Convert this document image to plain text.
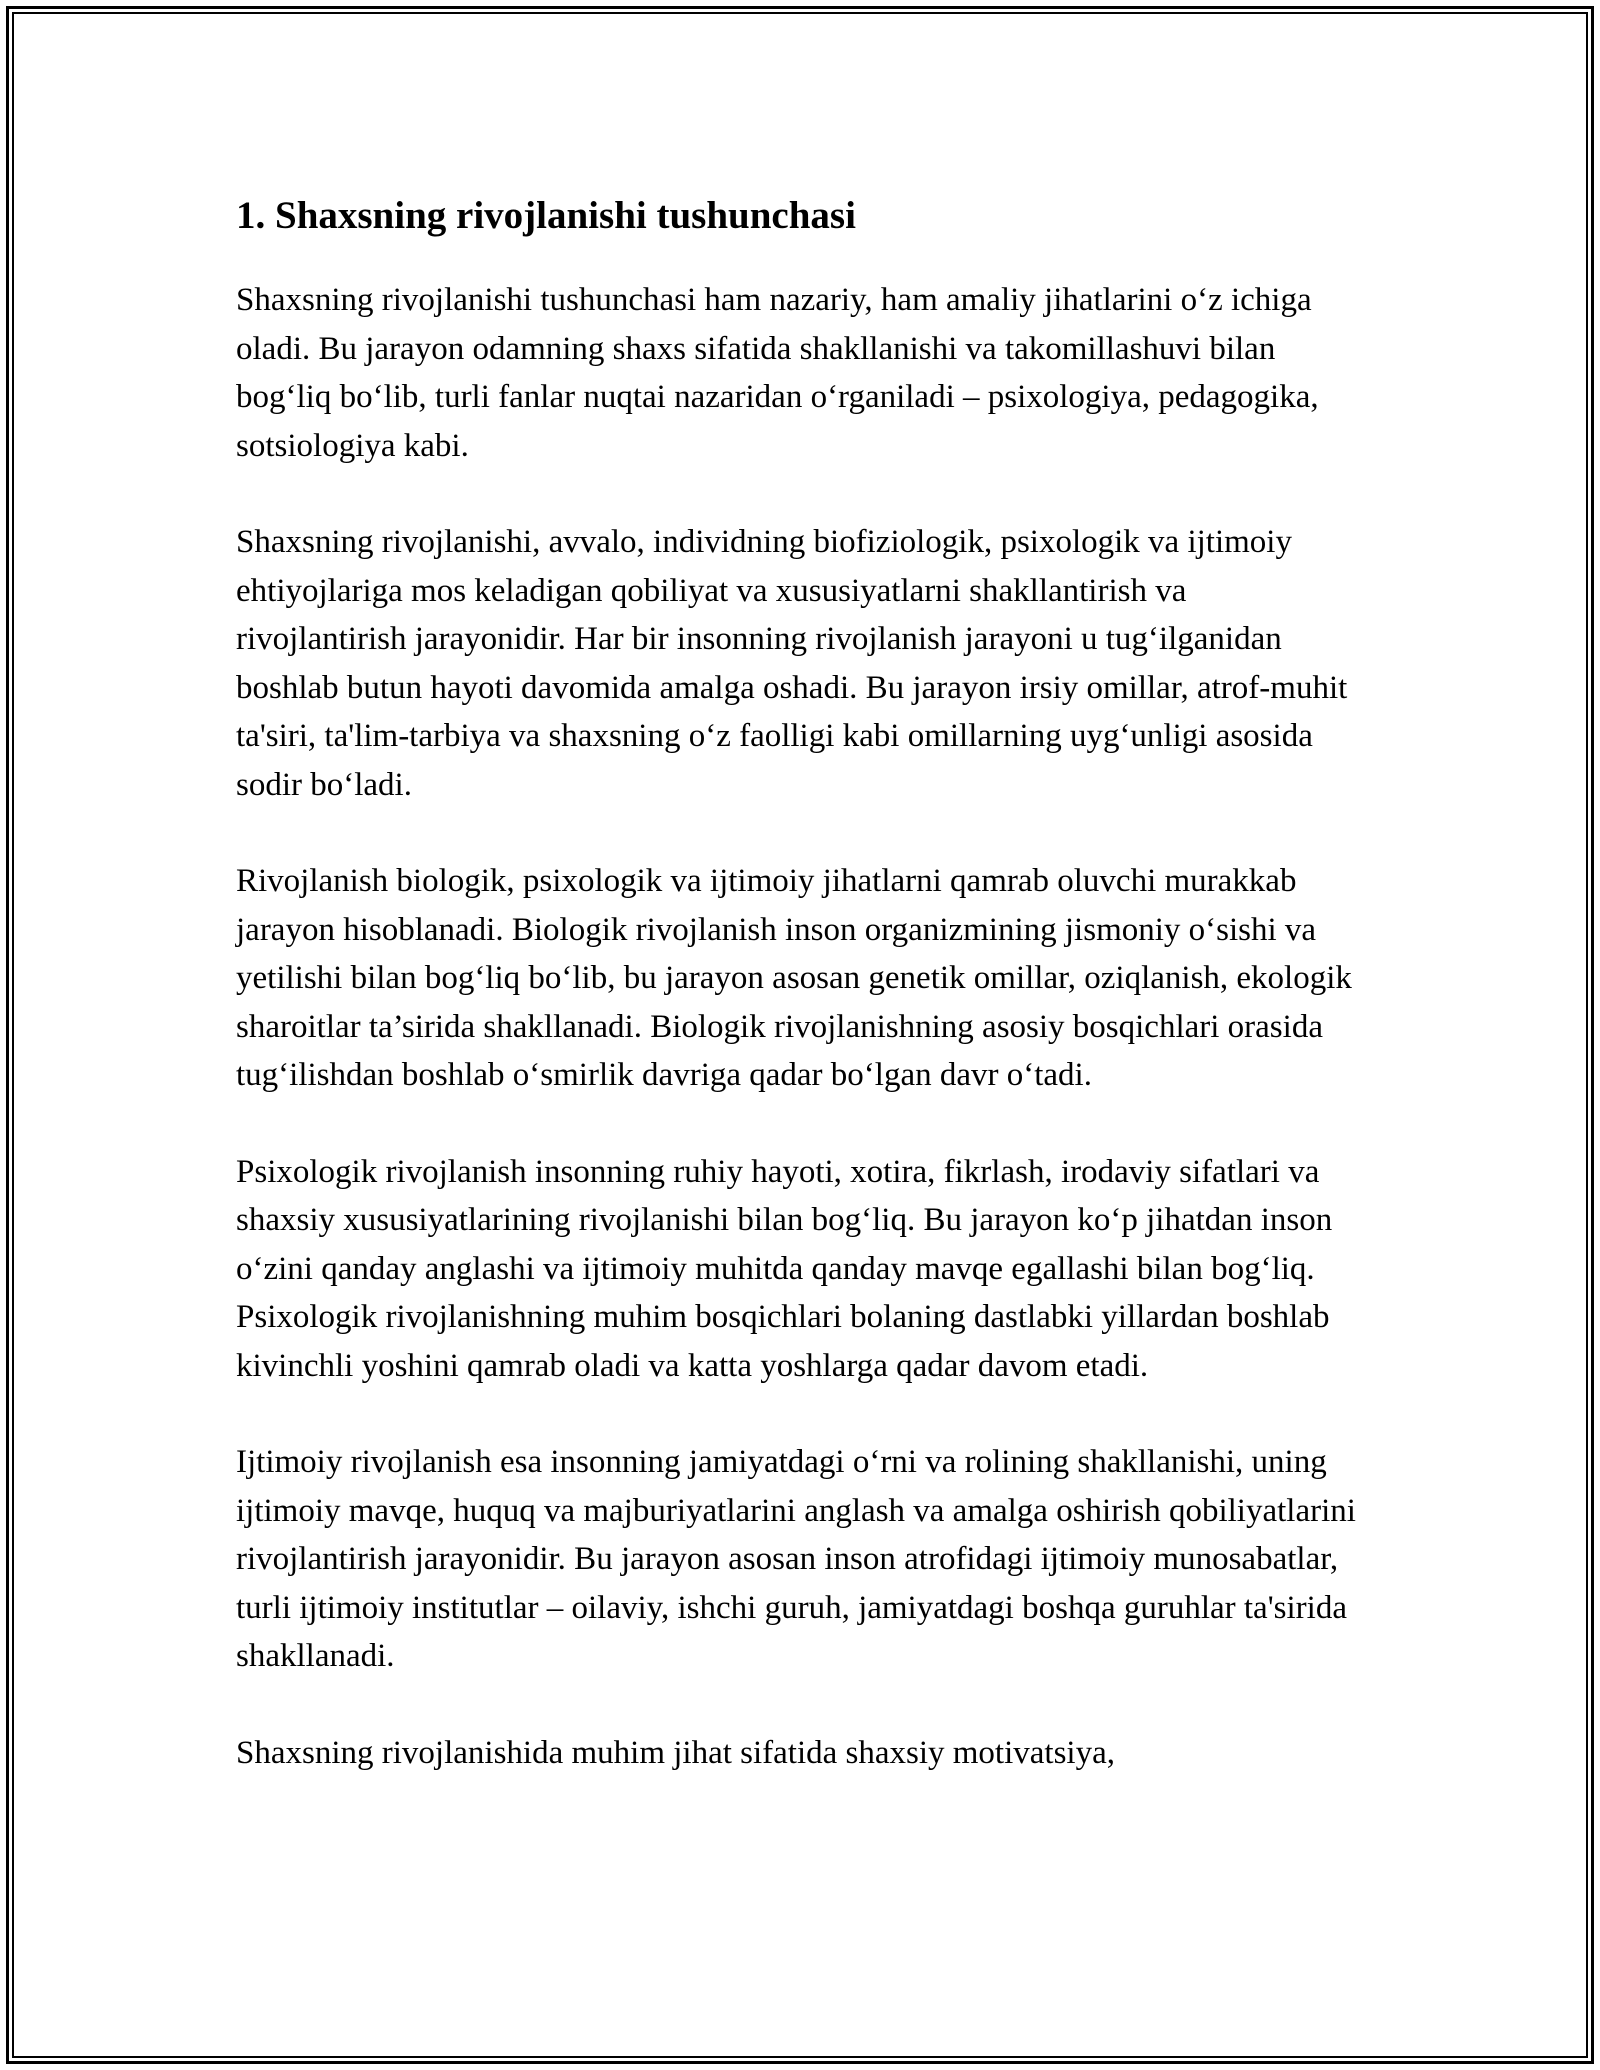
1. Shaxsning rivojlanishi tushunchasi

Shaxsning rivojlanishi tushunchasi ham nazariy, ham amaliy jihatlarini o‘z ichiga oladi. Bu jarayon odamning shaxs sifatida shakllanishi va takomillashuvi bilan bog‘liq bo‘lib, turli fanlar nuqtai nazaridan o‘rganiladi – psixologiya, pedagogika, sotsiologiya kabi.

Shaxsning rivojlanishi, avvalo, individning biofiziologik, psixologik va ijtimoiy ehtiyojlariga mos keladigan qobiliyat va xususiyatlarni shakllantirish va rivojlantirish jarayonidir. Har bir insonning rivojlanish jarayoni u tug‘ilganidan boshlab butun hayoti davomida amalga oshadi. Bu jarayon irsiy omillar, atrof-muhit ta'siri, ta'lim-tarbiya va shaxsning o‘z faolligi kabi omillarning uyg‘unligi asosida sodir bo‘ladi.

Rivojlanish biologik, psixologik va ijtimoiy jihatlarni qamrab oluvchi murakkab jarayon hisoblanadi. Biologik rivojlanish inson organizmining jismoniy o‘sishi va yetilishi bilan bog‘liq bo‘lib, bu jarayon asosan genetik omillar, oziqlanish, ekologik sharoitlar ta’sirida shakllanadi. Biologik rivojlanishning asosiy bosqichlari orasida tug‘ilishdan boshlab o‘smirlik davriga qadar bo‘lgan davr o‘tadi.

Psixologik rivojlanish insonning ruhiy hayoti, xotira, fikrlash, irodaviy sifatlari va shaxsiy xususiyatlarining rivojlanishi bilan bog‘liq. Bu jarayon ko‘p jihatdan inson o‘zini qanday anglashi va ijtimoiy muhitda qanday mavqe egallashi bilan bog‘liq. Psixologik rivojlanishning muhim bosqichlari bolaning dastlabki yillardan boshlab kivinchli yoshini qamrab oladi va katta yoshlarga qadar davom etadi.

Ijtimoiy rivojlanish esa insonning jamiyatdagi o‘rni va rolining shakllanishi, uning ijtimoiy mavqe, huquq va majburiyatlarini anglash va amalga oshirish qobiliyatlarini rivojlantirish jarayonidir. Bu jarayon asosan inson atrofidagi ijtimoiy munosabatlar, turli ijtimoiy institutlar – oilaviy, ishchi guruh, jamiyatdagi boshqa guruhlar ta'sirida shakllanadi.

Shaxsning rivojlanishida muhim jihat sifatida shaxsiy motivatsiya,
